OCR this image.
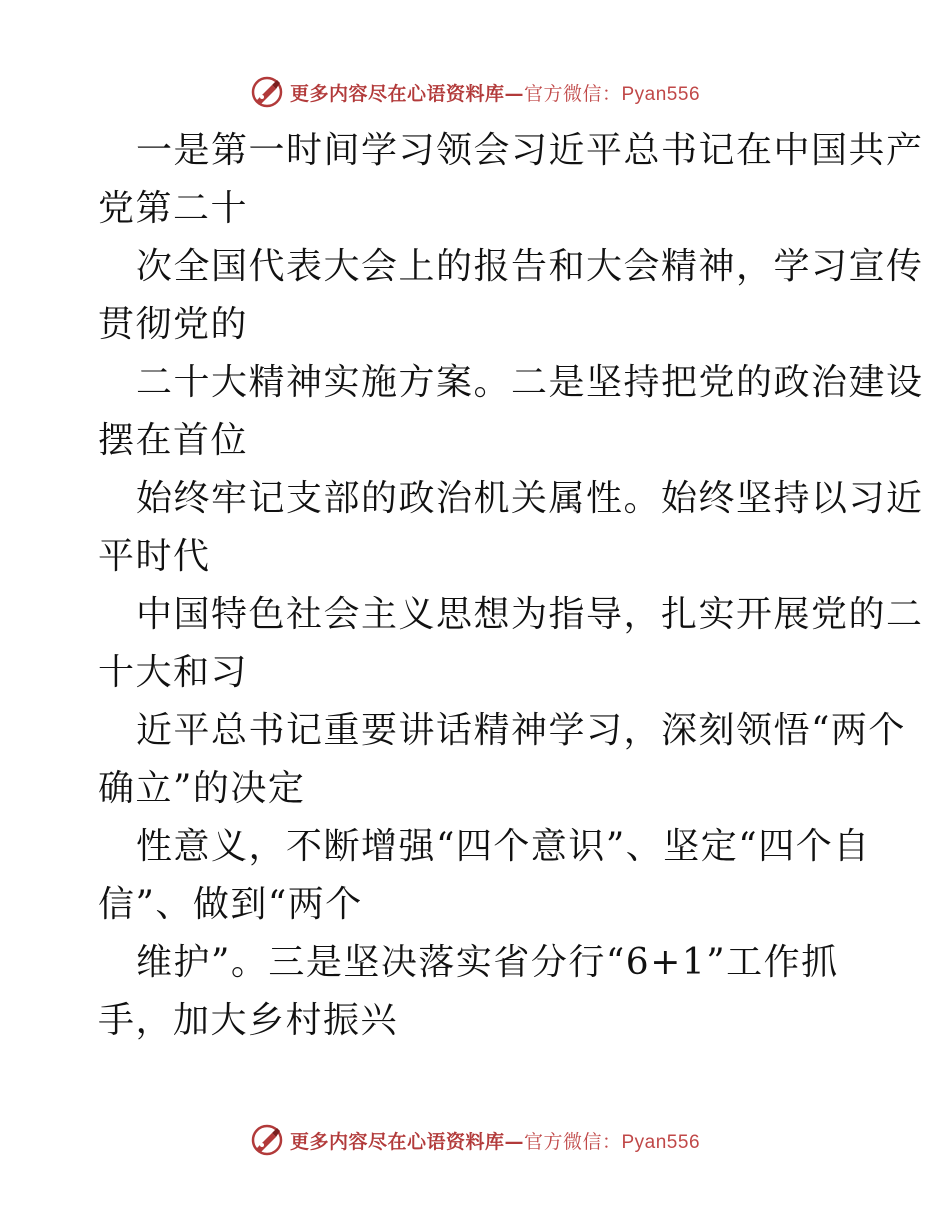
更多内容尽在心语资料库—官方微信：Pyan556
一是第一时间学习领会习近平总书记在中国共产
党第二十
次全国代表大会上的报告和大会精神，学习宣传
贯彻党的
二十大精神实施方案。二是坚持把党的政治建设
摆在首位
始终牢记支部的政治机关属性。始终坚持以习近
平时代
中国特色社会主义思想为指导，扎实开展党的二
十大和习
近平总书记重要讲话精神学习，深刻领悟“两个
确立”的决定
性意义，不断增强“四个意识”、坚定“四个自
信”、做到“两个
维护”。三是坚决落实省分行“6+1”工作抓
手，加大乡村振兴
更多内容尽在心语资料库—官方微信：Pyan556
